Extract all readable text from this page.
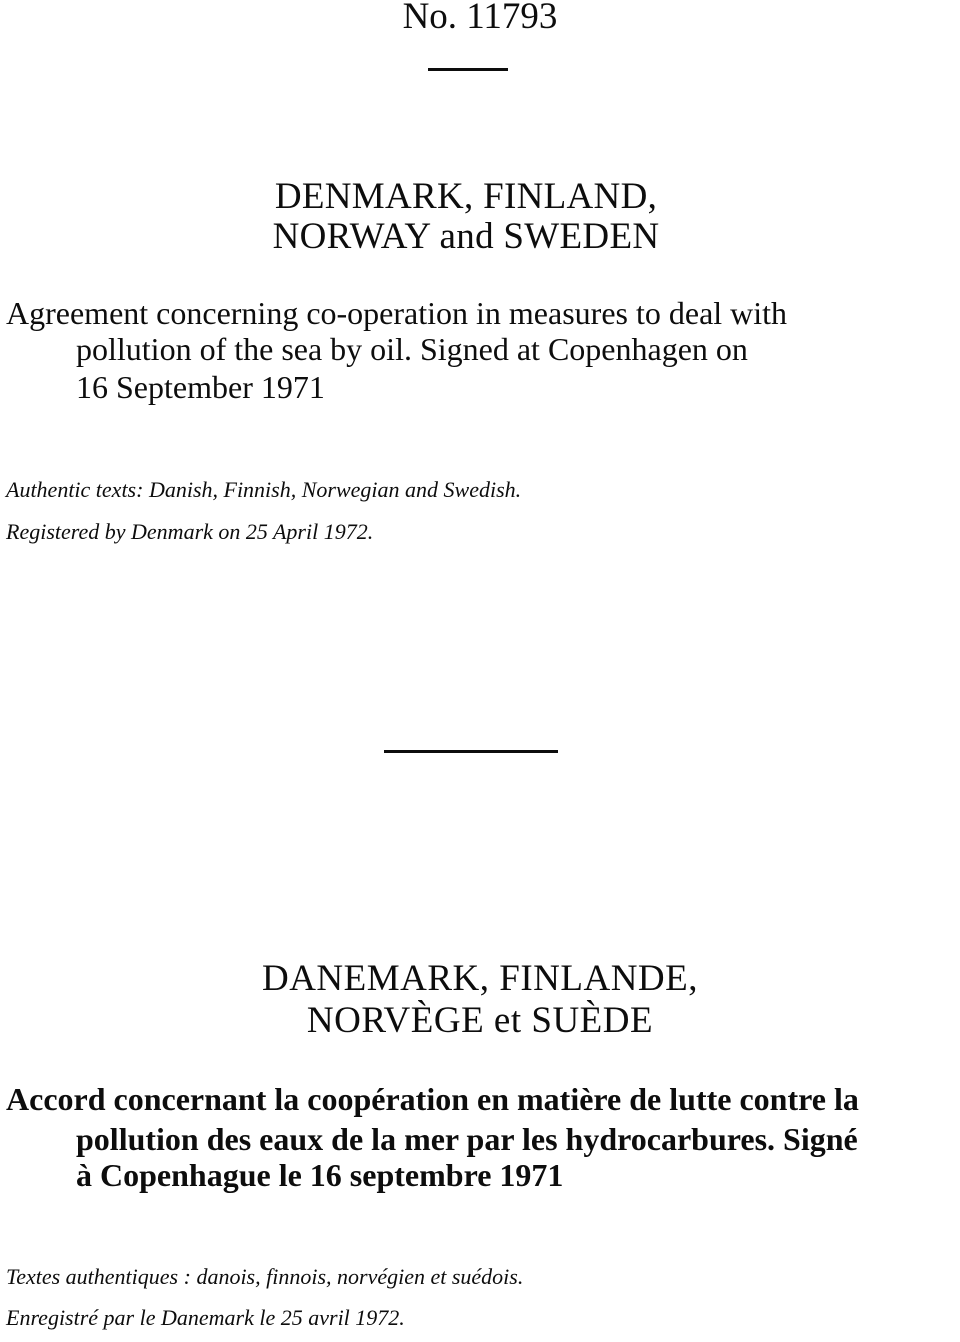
No. 11793
DENMARK, FINLAND,
NORWAY and SWEDEN
Agreement concerning co-operation in measures to deal with
pollution of the sea by oil. Signed at Copenhagen on
16 September 1971
Authentic texts: Danish, Finnish, Norwegian and Swedish.
Registered by Denmark on 25 April 1972.
DANEMARK, FINLANDE,
NORVÈGE et SUÈDE
Accord concernant la coopération en matière de lutte contre la
pollution des eaux de la mer par les hydrocarbures. Signé
à Copenhague le 16 septembre 1971
Textes authentiques : danois, finnois, norvégien et suédois.
Enregistré par le Danemark le 25 avril 1972.
